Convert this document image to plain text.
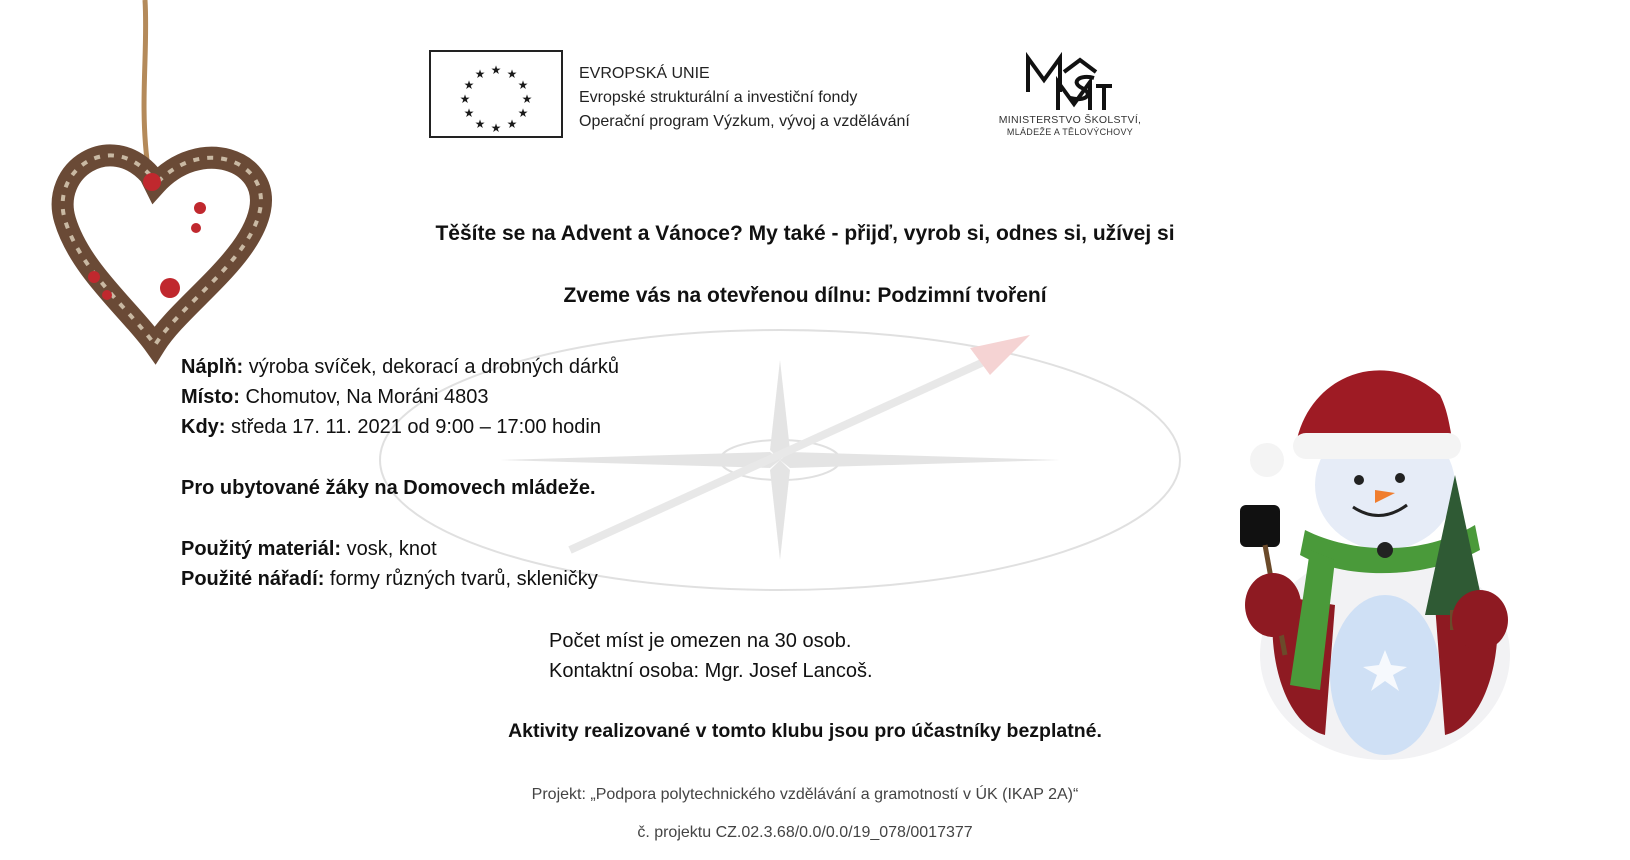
★ ★
★
★
★
★
★
★
★
★
★
★	EVROPSKÁ UNIE
Evropské strukturální a investiční fondy
Operační program Výzkum, vývoj a vzdělávání	MINISTERSTVO ŠKOLSTVÍ,
MLÁDEŽE A TĚLOVÝCHOVY
Těšíte se na Advent a Vánoce? My také - přijď, vyrob si, odnes si, užívej si
Zveme vás na otevřenou dílnu: Podzimní tvoření
Náplň: výroba svíček, dekorací a drobných dárků
Místo: Chomutov, Na Moráni 4803
Kdy: středa 17. 11. 2021 od 9:00 – 17:00 hodin
Pro ubytované žáky na Domovech mládeže.
Použitý materiál: vosk, knot
Použité nářadí: formy různých tvarů, skleničky
Počet míst je omezen na 30 osob.
Kontaktní osoba: Mgr. Josef Lancoš.
Aktivity realizované v tomto klubu jsou pro účastníky bezplatné.
Projekt: „Podpora polytechnického vzdělávání a gramotností v ÚK (IKAP 2A)“
č. projektu CZ.02.3.68/0.0/0.0/19_078/0017377
